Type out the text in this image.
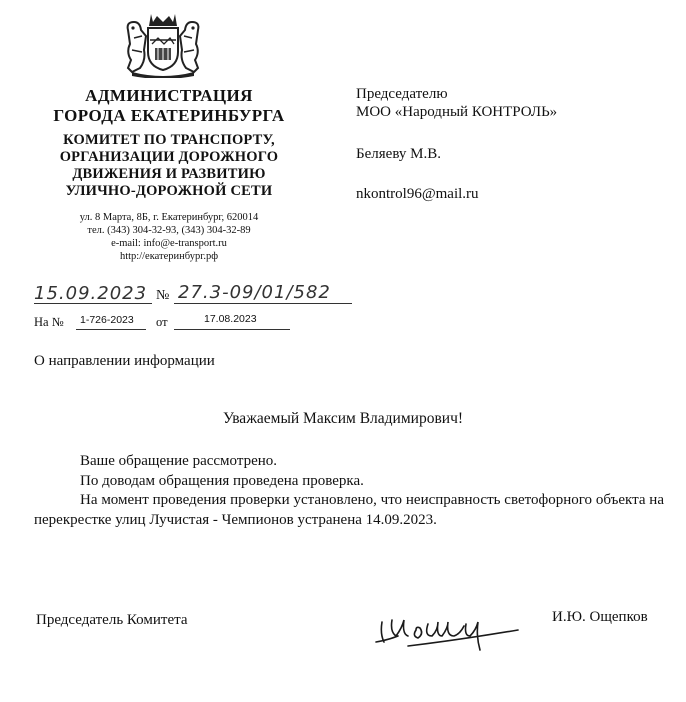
АДМИНИСТРАЦИЯ
ГОРОДА ЕКАТЕРИНБУРГА
КОМИТЕТ ПО ТРАНСПОРТУ,
ОРГАНИЗАЦИИ ДОРОЖНОГО
ДВИЖЕНИЯ И РАЗВИТИЮ
УЛИЧНО-ДОРОЖНОЙ СЕТИ
ул. 8 Марта, 8Б, г. Екатеринбург, 620014
тел. (343) 304-32-93, (343) 304-32-89
e-mail: info@e-transport.ru
http://екатеринбург.рф
Председателю
МОО «Народный КОНТРОЛЬ»
Беляеву М.В.
nkontrol96@mail.ru
15.09.2023 № 27.3-09/01/582
На № 1-726-2023 от	17.08.2023
О направлении информации
Уважаемый Максим Владимирович!

Ваше обращение рассмотрено.

По доводам обращения проведена проверка.

На момент проведения проверки установлено, что неисправность светофорного объекта на перекрестке улиц Лучистая - Чемпионов устранена 14.09.2023.

Председатель Комитета	И.Ю. Ощепков
